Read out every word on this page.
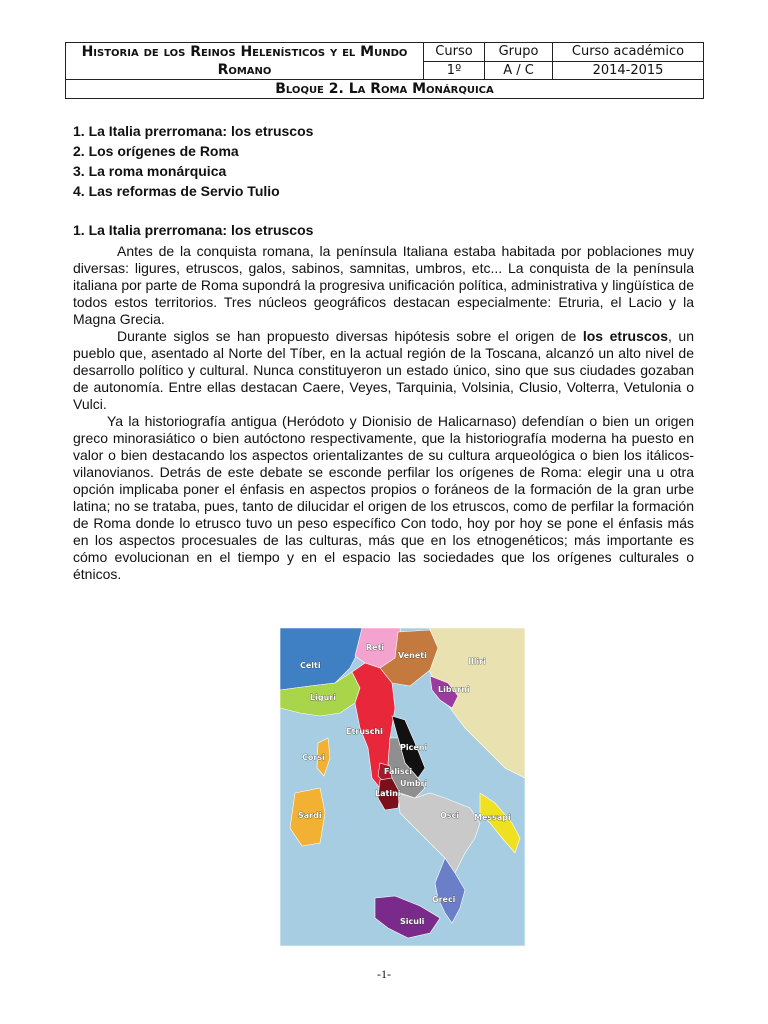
Historia de los Reinos Helenísticos y el Mundo Romano	Curso	Grupo	Curso académico
	1º	A / C	2014-2015
Bloque 2. La Roma Monárquica			
1. La Italia prerromana: los etruscos
2. Los orígenes de Roma
3. La roma monárquica
4. Las reformas de Servio Tulio
1. La Italia prerromana: los etruscos

Antes de la conquista romana, la península Italiana estaba habitada por poblaciones muy diversas: ligures, etruscos, galos, sabinos, samnitas, umbros, etc... La conquista de la península italiana por parte de Roma supondrá la progresiva unificación política, administrativa y lingüística de todos estos territorios. Tres núcleos geográficos destacan especialmente: Etruria, el Lacio y la Magna Grecia.

Durante siglos se han propuesto diversas hipótesis sobre el origen de los etruscos, un pueblo que, asentado al Norte del Tíber, en la actual región de la Toscana, alcanzó un alto nivel de desarrollo político y cultural. Nunca constituyeron un estado único, sino que sus ciudades gozaban de autonomía. Entre ellas destacan Caere, Veyes, Tarquinia, Volsinia, Clusio, Volterra, Vetulonia o Vulci.

Ya la historiografía antigua (Heródoto y Dionisio de Halicarnaso) defendían o bien un origen greco minorasiático o bien autóctono respectivamente, que la historiografía moderna ha puesto en valor o bien destacando los aspectos orientalizantes de su cultura arqueológica o bien los itálicos-vilanovianos. Detrás de este debate se esconde perfilar los orígenes de Roma: elegir una u otra opción implicaba poner el énfasis en aspectos propios o foráneos de la formación de la gran urbe latina; no se trataba, pues, tanto de dilucidar el origen de los etruscos, como de perfilar la formación de Roma donde lo etrusco tuvo un peso específico Con todo, hoy por hoy se pone el énfasis más en los aspectos procesuales de las culturas, más que en los etnogenéticos; más importante es cómo evolucionan en el tiempo y en el espacio las sociedades que los orígenes culturales o étnicos.

Celti
Reti
Veneti
Illiri
Liguri
Liburni
Etruschi
Piceni
Corsi
Falisci
Umbri
Latini
Sardi	Osci Messapi
Greci
Siculi
-1-
